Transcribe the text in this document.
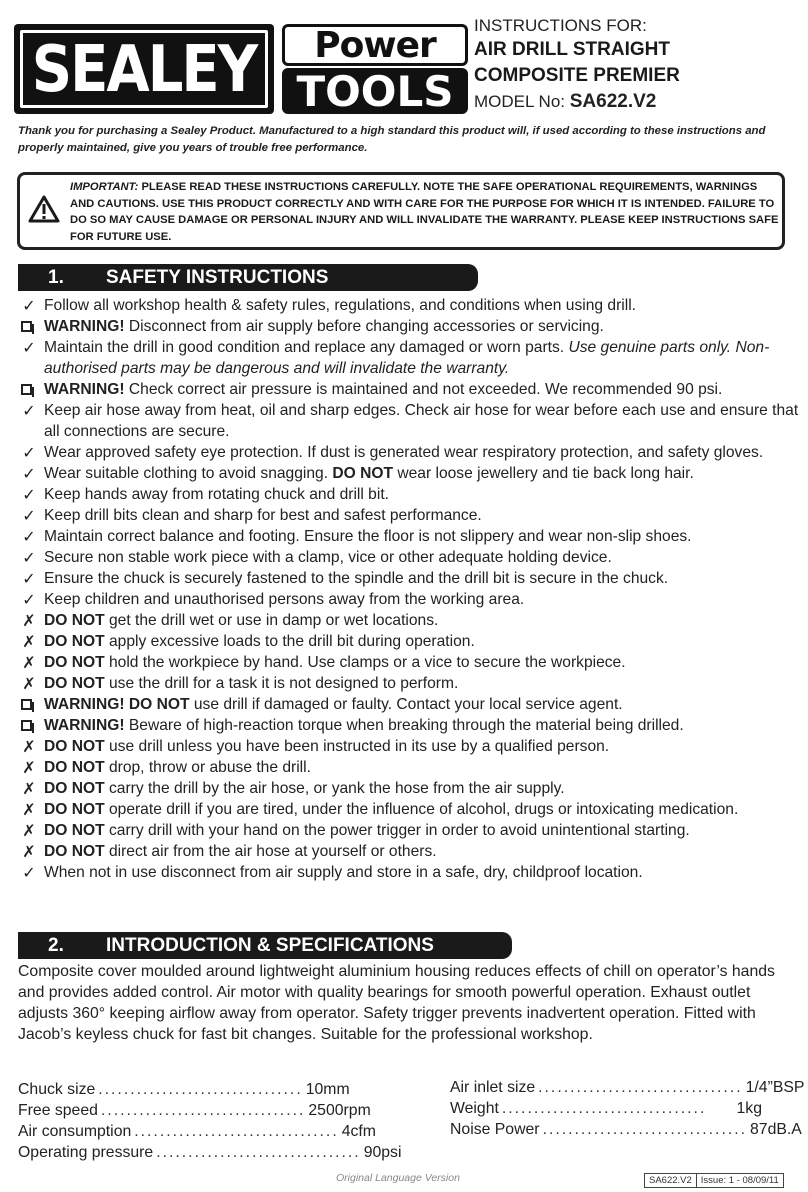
SEALEY Power
TOOLS
INSTRUCTIONS FOR:
AIR DRILL STRAIGHT
COMPOSITE PREMIER
MODEL No: SA622.V2
Thank you for purchasing a Sealey Product. Manufactured to a high standard this product will, if used according to these instructions and properly maintained, give you years of trouble free performance.
IMPORTANT: PLEASE READ THESE INSTRUCTIONS CAREFULLY. NOTE THE SAFE OPERATIONAL REQUIREMENTS, WARNINGS AND CAUTIONS. USE THIS PRODUCT CORRECTLY AND WITH CARE FOR THE PURPOSE FOR WHICH IT IS INTENDED. FAILURE TO DO SO MAY CAUSE DAMAGE OR PERSONAL INJURY AND WILL INVALIDATE THE WARRANTY. PLEASE KEEP INSTRUCTIONS SAFE FOR FUTURE USE.
1. SAFETY INSTRUCTIONS
✓ Follow all workshop health & safety rules, regulations, and conditions when using drill.
WARNING! Disconnect from air supply before changing accessories or servicing.
✓ Maintain the drill in good condition and replace any damaged or worn parts. Use genuine parts only. Non-authorised parts may be dangerous and will invalidate the warranty.
WARNING! Check correct air pressure is maintained and not exceeded. We recommended 90 psi.
✓ Keep air hose away from heat, oil and sharp edges. Check air hose for wear before each use and ensure that all connections are secure.
✓ Wear approved safety eye protection. If dust is generated wear respiratory protection, and safety gloves.
✓ Wear suitable clothing to avoid snagging. DO NOT wear loose jewellery and tie back long hair.
✓ Keep hands away from rotating chuck and drill bit.
✓ Keep drill bits clean and sharp for best and safest performance.
✓ Maintain correct balance and footing. Ensure the floor is not slippery and wear non-slip shoes.
✓ Secure non stable work piece with a clamp, vice or other adequate holding device.
✓ Ensure the chuck is securely fastened to the spindle and the drill bit is secure in the chuck.
✓ Keep children and unauthorised persons away from the working area.
✗ DO NOT get the drill wet or use in damp or wet locations.
✗ DO NOT apply excessive loads to the drill bit during operation.
✗ DO NOT hold the workpiece by hand. Use clamps or a vice to secure the workpiece.
✗ DO NOT use the drill for a task it is not designed to perform.
WARNING! DO NOT use drill if damaged or faulty. Contact your local service agent.
WARNING! Beware of high-reaction torque when breaking through the material being drilled.
✗ DO NOT use drill unless you have been instructed in its use by a qualified person.
✗ DO NOT drop, throw or abuse the drill.
✗ DO NOT carry the drill by the air hose, or yank the hose from the air supply.
✗ DO NOT operate drill if you are tired, under the influence of alcohol, drugs or intoxicating medication.
✗ DO NOT carry drill with your hand on the power trigger in order to avoid unintentional starting.
✗ DO NOT direct air from the air hose at yourself or others.
✓ When not in use disconnect from air supply and store in a safe, dry, childproof location.
2. INTRODUCTION & SPECIFICATIONS
Composite cover moulded around lightweight aluminium housing reduces effects of chill on operator’s hands and provides added control. Air motor with quality bearings for smooth powerful operation. Exhaust outlet adjusts 360° keeping airflow away from operator. Safety trigger prevents inadvertent operation. Fitted with Jacob’s keyless chuck for fast bit changes. Suitable for the professional workshop.
Chuck size ................................ 10mm
Free speed ................................ 2500rpm
Air consumption ................................ 4cfm
Operating pressure ................................ 90psi
Air inlet size ................................ 1/4”BSP
Weight ................................	1kg
Noise Power ................................ 87dB.A
Original Language Version	SA622.V2 Issue: 1 - 08/09/11
